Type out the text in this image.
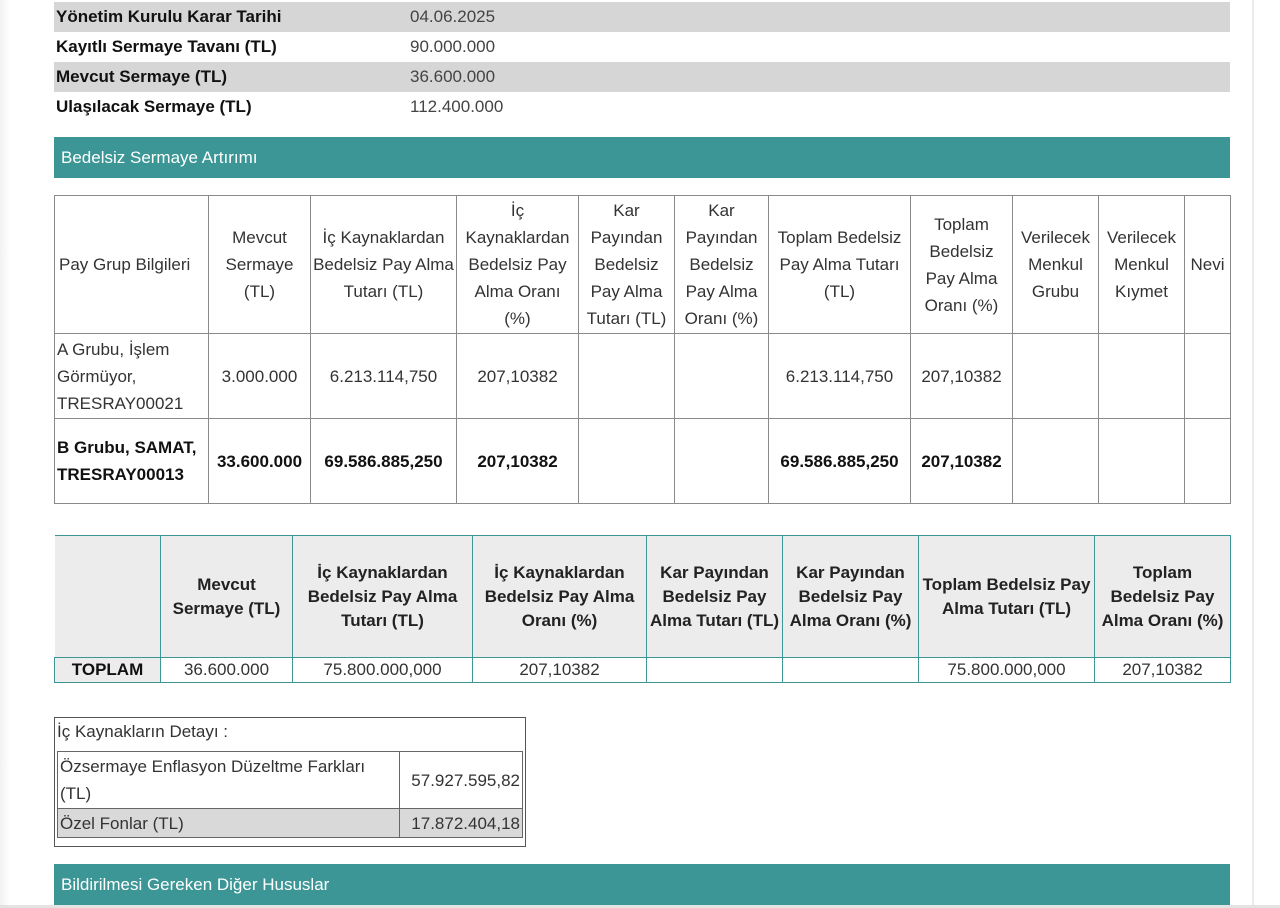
Yönetim Kurulu Karar Tarihi	04.06.2025
Kayıtlı Sermaye Tavanı (TL)	90.000.000
Mevcut Sermaye (TL)	36.600.000
Ulaşılacak Sermaye (TL)	112.400.000
Bedelsiz Sermaye Artırımı
Pay Grup Bilgileri	Mevcut Sermaye (TL)	İç Kaynaklardan Bedelsiz Pay Alma Tutarı (TL)	İç Kaynaklardan Bedelsiz Pay Alma Oranı (%)	Kar Payından Bedelsiz Pay Alma Tutarı (TL)	Kar Payından Bedelsiz Pay Alma Oranı (%)	Toplam Bedelsiz Pay Alma Tutarı (TL)	Toplam Bedelsiz Pay Alma Oranı (%)	Verilecek Menkul Grubu	Verilecek Menkul Kıymet	Nevi
A Grubu, İşlem Görmüyor, TRESRAY00021	3.000.000	6.213.114,750	207,10382			6.213.114,750	207,10382			
B Grubu, SAMAT, TRESRAY00013	33.600.000	69.586.885,250	207,10382			69.586.885,250	207,10382			
	Mevcut Sermaye (TL)	İç Kaynaklardan Bedelsiz Pay Alma Tutarı (TL)	İç Kaynaklardan Bedelsiz Pay Alma Oranı (%)	Kar Payından Bedelsiz Pay Alma Tutarı (TL)	Kar Payından Bedelsiz Pay Alma Oranı (%)	Toplam Bedelsiz Pay Alma Tutarı (TL)	Toplam Bedelsiz Pay Alma Oranı (%)
TOPLAM	36.600.000	75.800.000,000	207,10382			75.800.000,000	207,10382
İç Kaynakların Detayı :
Özsermaye Enflasyon Düzeltme Farkları (TL)	57.927.595,82
Özel Fonlar (TL)	17.872.404,18
Bildirilmesi Gereken Diğer Hususlar
